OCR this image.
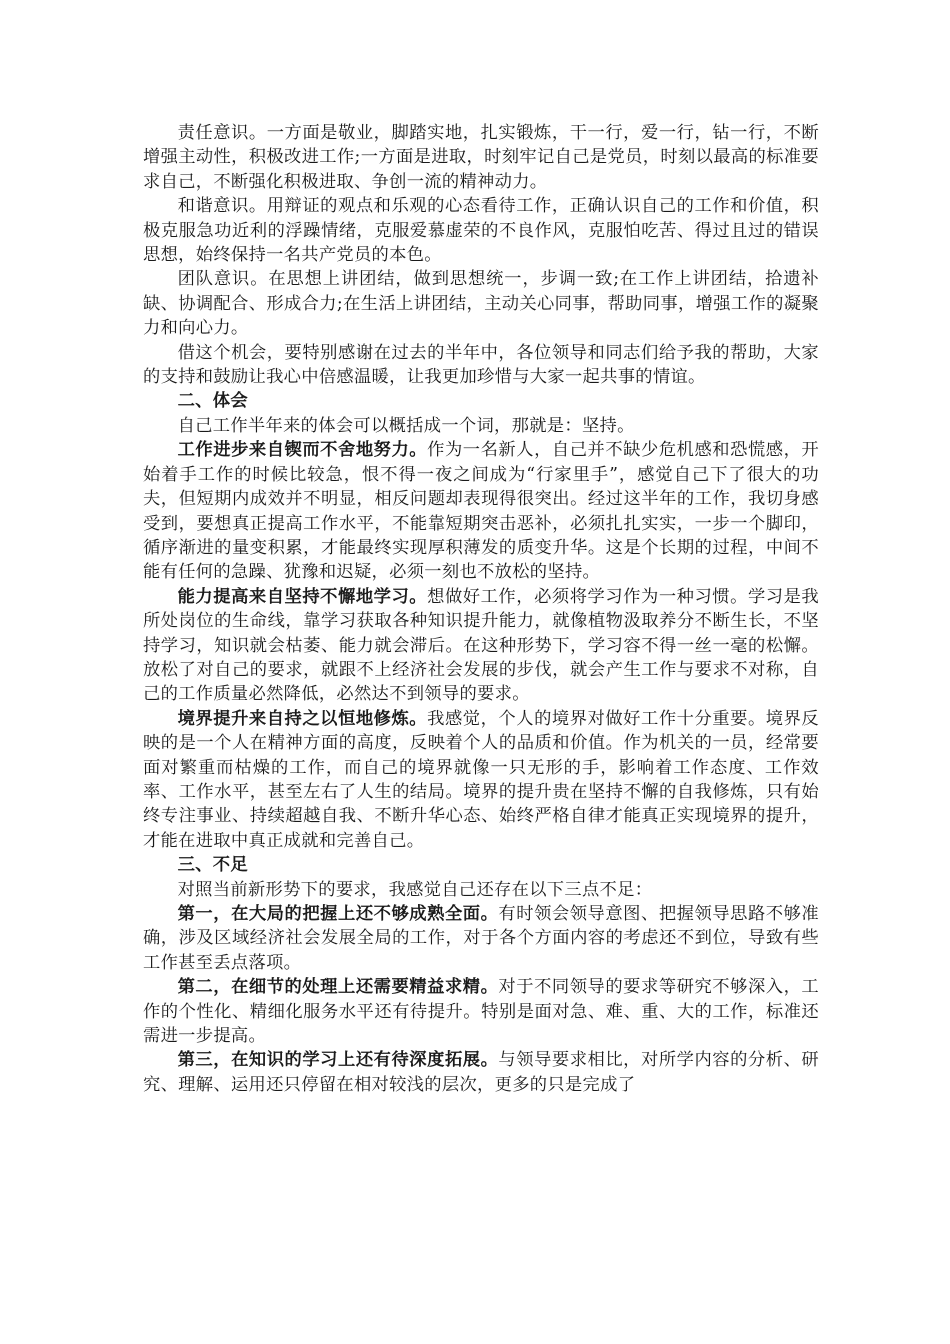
责任意识。一方面是敬业，脚踏实地，扎实锻炼，干一行，爱一行，钻一行，不断增强主动性，积极改进工作;一方面是进取，时刻牢记自己是党员，时刻以最高的标准要求自己，不断强化积极进取、争创一流的精神动力。

和谐意识。用辩证的观点和乐观的心态看待工作，正确认识自己的工作和价值，积极克服急功近利的浮躁情绪，克服爱慕虚荣的不良作风，克服怕吃苦、得过且过的错误思想，始终保持一名共产党员的本色。

团队意识。在思想上讲团结，做到思想统一，步调一致;在工作上讲团结，拾遗补缺、协调配合、形成合力;在生活上讲团结，主动关心同事，帮助同事，增强工作的凝聚力和向心力。

借这个机会，要特别感谢在过去的半年中，各位领导和同志们给予我的帮助，大家的支持和鼓励让我心中倍感温暖，让我更加珍惜与大家一起共事的情谊。

二、体会

自己工作半年来的体会可以概括成一个词，那就是：坚持。

工作进步来自锲而不舍地努力。作为一名新人，自己并不缺少危机感和恐慌感，开始着手工作的时候比较急，恨不得一夜之间成为“行家里手”，感觉自己下了很大的功夫，但短期内成效并不明显，相反问题却表现得很突出。经过这半年的工作，我切身感受到，要想真正提高工作水平，不能靠短期突击恶补，必须扎扎实实，一步一个脚印，循序渐进的量变积累，才能最终实现厚积薄发的质变升华。这是个长期的过程，中间不能有任何的急躁、犹豫和迟疑，必须一刻也不放松的坚持。

能力提高来自坚持不懈地学习。想做好工作，必须将学习作为一种习惯。学习是我所处岗位的生命线，靠学习获取各种知识提升能力，就像植物汲取养分不断生长，不坚持学习，知识就会枯萎、能力就会滞后。在这种形势下，学习容不得一丝一毫的松懈。放松了对自己的要求，就跟不上经济社会发展的步伐，就会产生工作与要求不对称，自己的工作质量必然降低，必然达不到领导的要求。

境界提升来自持之以恒地修炼。我感觉，个人的境界对做好工作十分重要。境界反映的是一个人在精神方面的高度，反映着个人的品质和价值。作为机关的一员，经常要面对繁重而枯燥的工作，而自己的境界就像一只无形的手，影响着工作态度、工作效率、工作水平，甚至左右了人生的结局。境界的提升贵在坚持不懈的自我修炼，只有始终专注事业、持续超越自我、不断升华心态、始终严格自律才能真正实现境界的提升，才能在进取中真正成就和完善自己。

三、不足

对照当前新形势下的要求，我感觉自己还存在以下三点不足：

第一，在大局的把握上还不够成熟全面。有时领会领导意图、把握领导思路不够准确，涉及区域经济社会发展全局的工作，对于各个方面内容的考虑还不到位，导致有些工作甚至丢点落项。

第二，在细节的处理上还需要精益求精。对于不同领导的要求等研究不够深入，工作的个性化、精细化服务水平还有待提升。特别是面对急、难、重、大的工作，标准还需进一步提高。

第三，在知识的学习上还有待深度拓展。与领导要求相比，对所学内容的分析、研究、理解、运用还只停留在相对较浅的层次，更多的只是完成了
